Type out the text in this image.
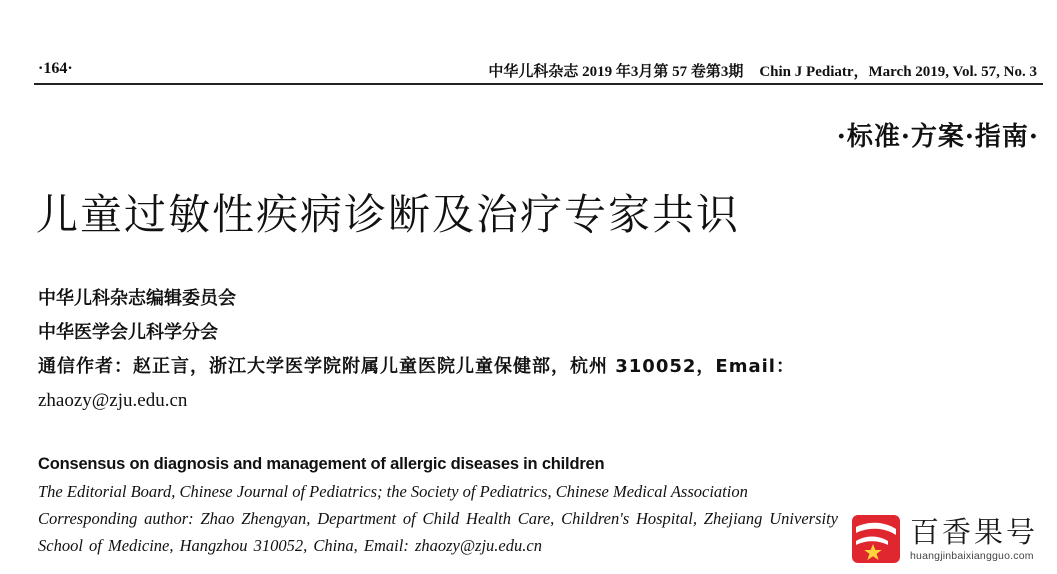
·164·	中华儿科杂志 2019 年3月第 57 卷第3期 Chin J Pediatr，March 2019, Vol. 57, No. 3
·标准·方案·指南·
儿童过敏性疾病诊断及治疗专家共识
中华儿科杂志编辑委员会
中华医学会儿科学分会
通信作者：赵正言，浙江大学医学院附属儿童医院儿童保健部，杭州 310052，Email：
zhaozy@zju.edu.cn
Consensus on diagnosis and management of allergic diseases in children
The Editorial Board, Chinese Journal of Pediatrics; the Society of Pediatrics, Chinese Medical Association
Corresponding author: Zhao Zhengyan, Department of Child Health Care, Children's Hospital, Zhejiang University School of Medicine, Hangzhou 310052, China, Email: zhaozy@zju.edu.cn	百香果号
huangjinbaixiangguo.com
